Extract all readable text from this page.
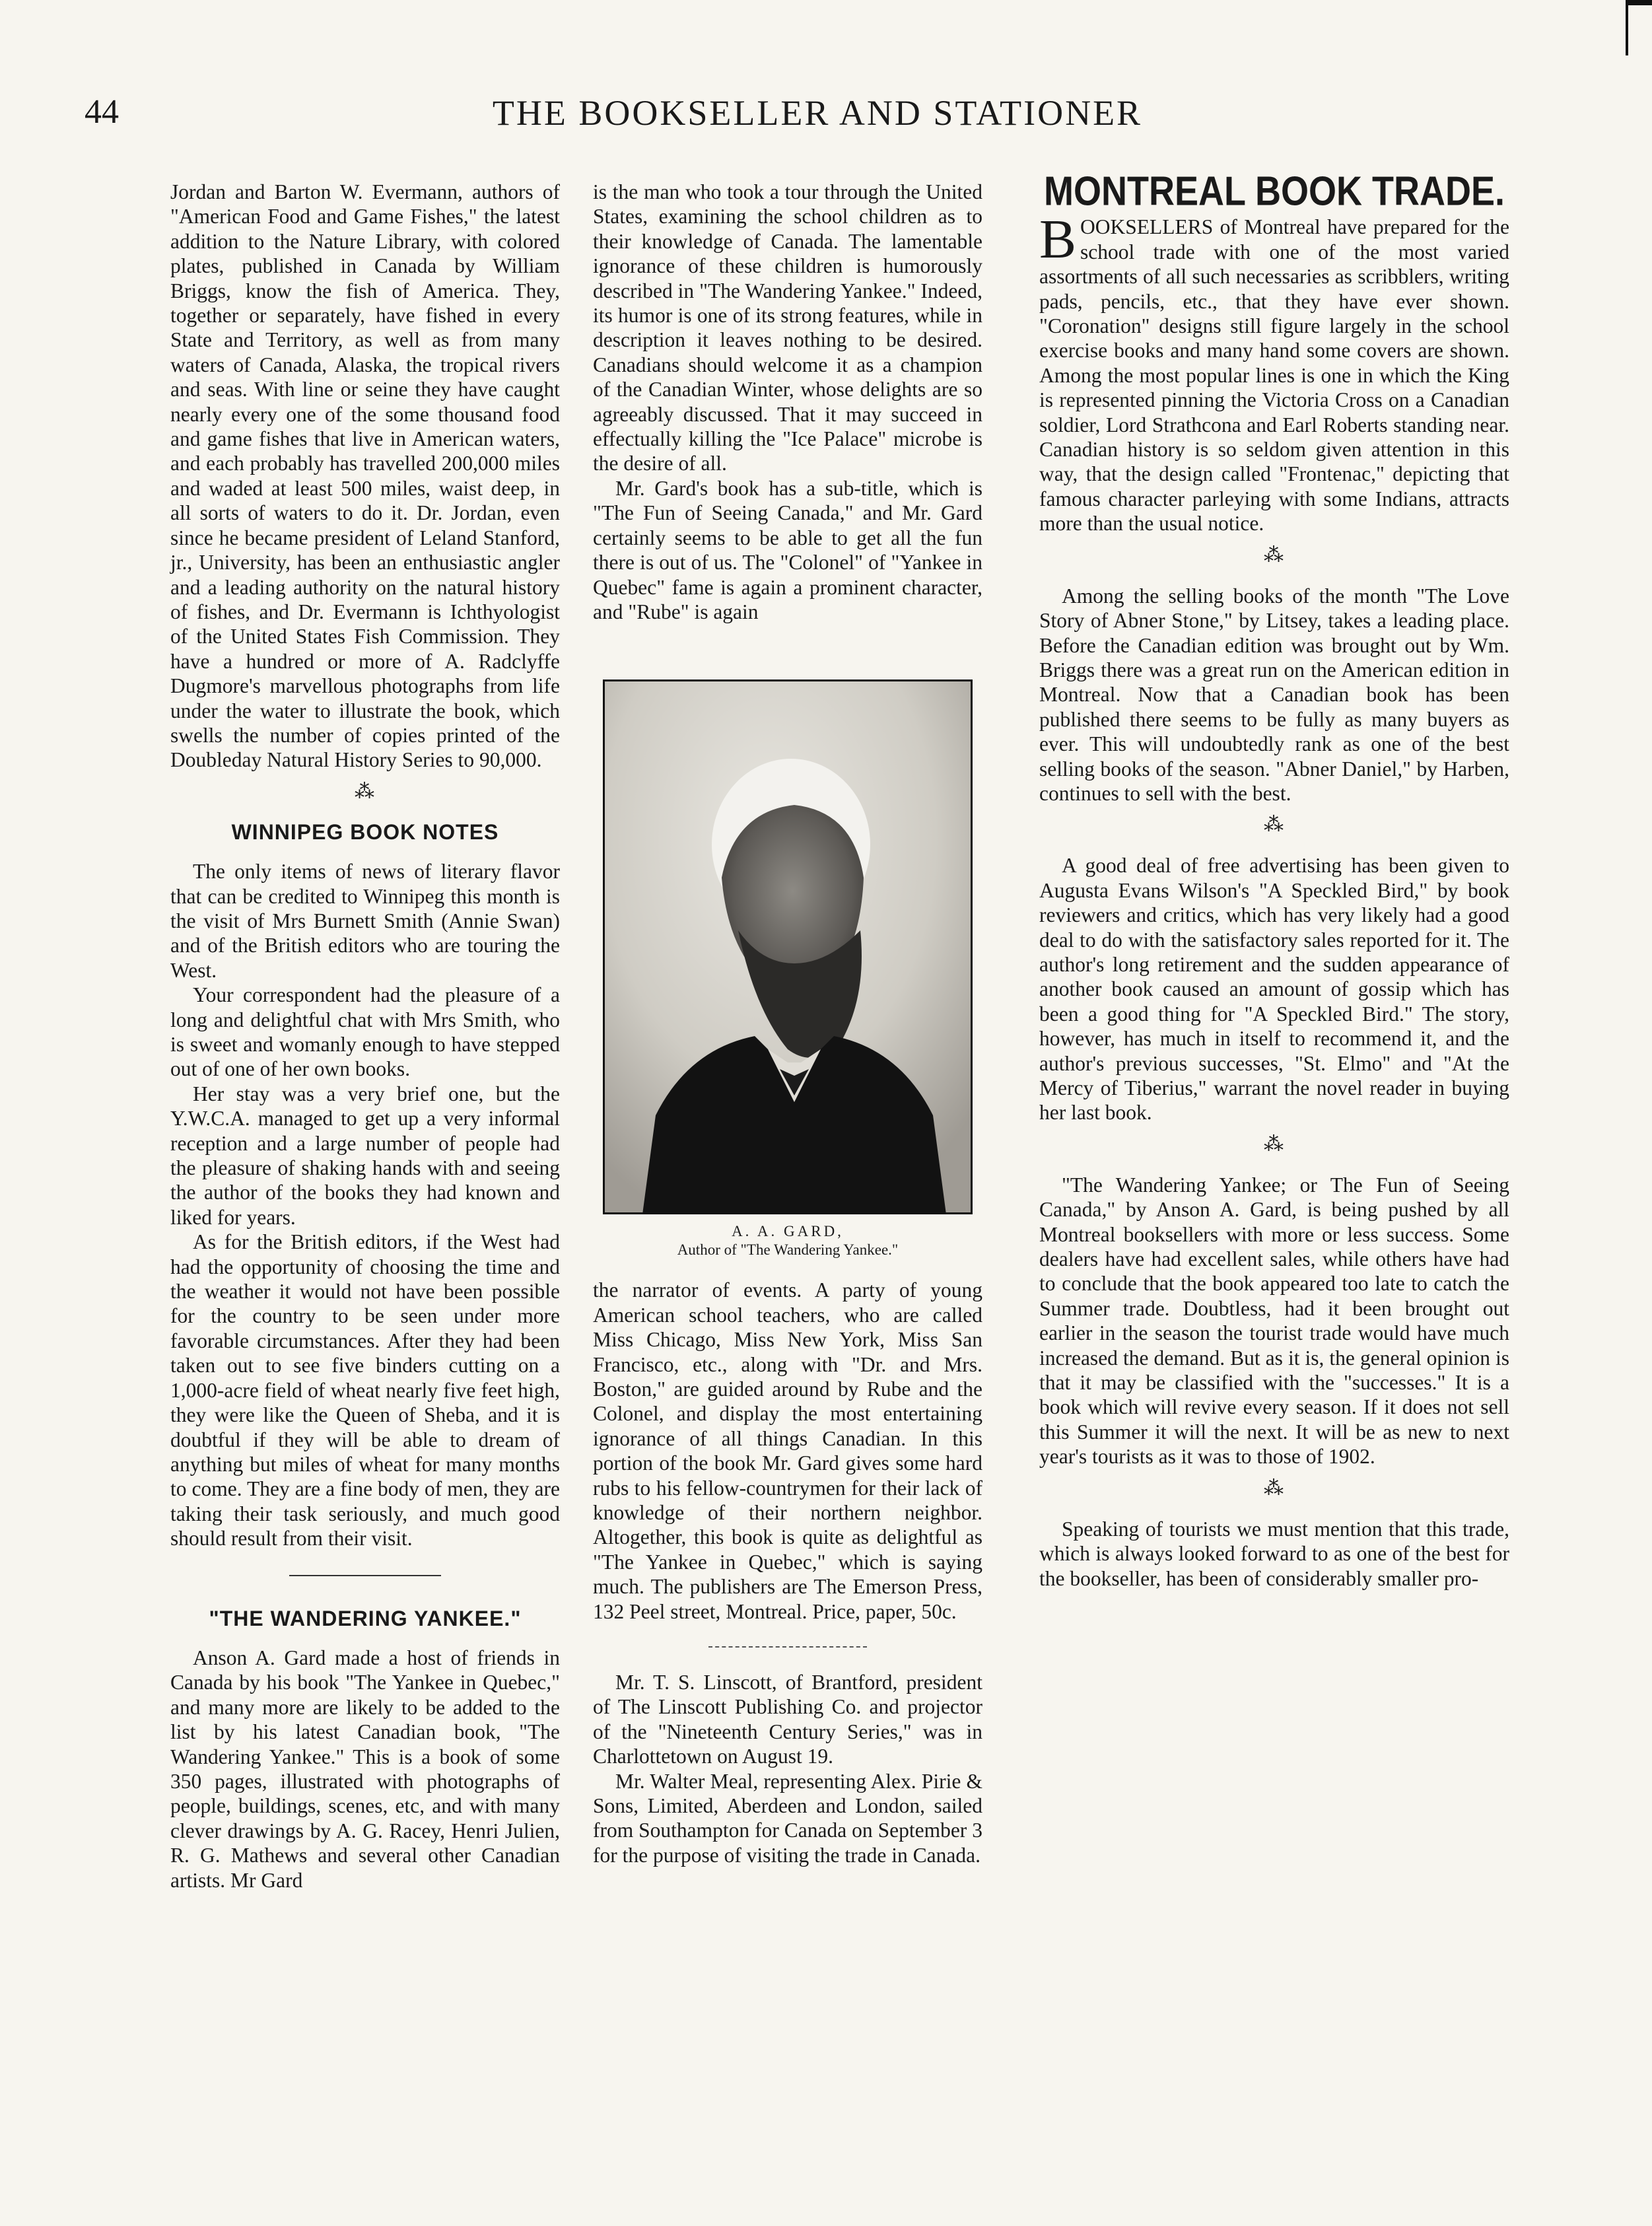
44	THE BOOKSELLER AND STATIONER

Jordan and Barton W. Evermann, authors of "American Food and Game Fishes," the latest addition to the Nature Library, with colored plates, published in Canada by William Briggs, know the fish of America. They, together or separately, have fished in every State and Territory, as well as from many waters of Canada, Alaska, the tropical rivers and seas. With line or seine they have caught nearly every one of the some thousand food and game fishes that live in American waters, and each probably has travelled 200,000 miles and waded at least 500 miles, waist deep, in all sorts of waters to do it. Dr. Jordan, even since he became president of Leland Stanford, jr., University, has been an enthusiastic angler and a leading authority on the natural history of fishes, and Dr. Evermann is Ichthyologist of the United States Fish Commission. They have a hundred or more of A. Radclyffe Dugmore's marvellous photographs from life under the water to illustrate the book, which swells the number of copies printed of the Doubleday Natural History Series to 90,000.

⁂
WINNIPEG BOOK NOTES

The only items of news of literary flavor that can be credited to Winnipeg this month is the visit of Mrs Burnett Smith (Annie Swan) and of the British editors who are touring the West.

Your correspondent had the pleasure of a long and delightful chat with Mrs Smith, who is sweet and womanly enough to have stepped out of one of her own books.

Her stay was a very brief one, but the Y.W.C.A. managed to get up a very informal reception and a large number of people had the pleasure of shaking hands with and seeing the author of the books they had known and liked for years.

As for the British editors, if the West had had the opportunity of choosing the time and the weather it would not have been possible for the country to be seen under more favorable circumstances. After they had been taken out to see five binders cutting on a 1,000-acre field of wheat nearly five feet high, they were like the Queen of Sheba, and it is doubtful if they will be able to dream of anything but miles of wheat for many months to come. They are a fine body of men, they are taking their task seriously, and much good should result from their visit.

"THE WANDERING YANKEE."

Anson A. Gard made a host of friends in Canada by his book "The Yankee in Quebec," and many more are likely to be added to the list by his latest Canadian book, "The Wandering Yankee." This is a book of some 350 pages, illustrated with photographs of people, buildings, scenes, etc, and with many clever drawings by A. G. Racey, Henri Julien, R. G. Mathews and several other Canadian artists. Mr Gard

is the man who took a tour through the United States, examining the school children as to their knowledge of Canada. The lamentable ignorance of these children is humorously described in "The Wandering Yankee." Indeed, its humor is one of its strong features, while in description it leaves nothing to be desired. Canadians should welcome it as a champion of the Canadian Winter, whose delights are so agreeably discussed. That it may succeed in effectually killing the "Ice Palace" microbe is the desire of all.

Mr. Gard's book has a sub-title, which is "The Fun of Seeing Canada," and Mr. Gard certainly seems to be able to get all the fun there is out of us. The "Colonel" of "Yankee in Quebec" fame is again a prominent character, and "Rube" is again

A. A. GARD,
Author of "The Wandering Yankee."

the narrator of events. A party of young American school teachers, who are called Miss Chicago, Miss New York, Miss San Francisco, etc., along with "Dr. and Mrs. Boston," are guided around by Rube and the Colonel, and display the most entertaining ignorance of all things Canadian. In this portion of the book Mr. Gard gives some hard rubs to his fellow-countrymen for their lack of knowledge of their northern neighbor. Altogether, this book is quite as delightful as "The Yankee in Quebec," which is saying much. The publishers are The Emerson Press, 132 Peel street, Montreal. Price, paper, 50c.

Mr. T. S. Linscott, of Brantford, president of The Linscott Publishing Co. and projector of the "Nineteenth Century Series," was in Charlottetown on August 19.

Mr. Walter Meal, representing Alex. Pirie & Sons, Limited, Aberdeen and London, sailed from Southampton for Canada on September 3 for the purpose of visiting the trade in Canada.

MONTREAL BOOK TRADE.

BOOKSELLERS of Montreal have prepared for the school trade with one of the most varied assortments of all such necessaries as scribblers, writing pads, pencils, etc., that they have ever shown. "Coronation" designs still figure largely in the school exercise books and many hand some covers are shown. Among the most popular lines is one in which the King is represented pinning the Victoria Cross on a Canadian soldier, Lord Strathcona and Earl Roberts standing near. Canadian history is so seldom given attention in this way, that the design called "Frontenac," depicting that famous character parleying with some Indians, attracts more than the usual notice.

⁂

Among the selling books of the month "The Love Story of Abner Stone," by Litsey, takes a leading place. Before the Canadian edition was brought out by Wm. Briggs there was a great run on the American edition in Montreal. Now that a Canadian book has been published there seems to be fully as many buyers as ever. This will undoubtedly rank as one of the best selling books of the season. "Abner Daniel," by Harben, continues to sell with the best.

⁂

A good deal of free advertising has been given to Augusta Evans Wilson's "A Speckled Bird," by book reviewers and critics, which has very likely had a good deal to do with the satisfactory sales reported for it. The author's long retirement and the sudden appearance of another book caused an amount of gossip which has been a good thing for "A Speckled Bird." The story, however, has much in itself to recommend it, and the author's previous successes, "St. Elmo" and "At the Mercy of Tiberius," warrant the novel reader in buying her last book.

⁂

"The Wandering Yankee; or The Fun of Seeing Canada," by Anson A. Gard, is being pushed by all Montreal booksellers with more or less success. Some dealers have had excellent sales, while others have had to conclude that the book appeared too late to catch the Summer trade. Doubtless, had it been brought out earlier in the season the tourist trade would have much increased the demand. But as it is, the general opinion is that it may be classified with the "successes." It is a book which will revive every season. If it does not sell this Summer it will the next. It will be as new to next year's tourists as it was to those of 1902.

⁂

Speaking of tourists we must mention that this trade, which is always looked forward to as one of the best for the bookseller, has been of considerably smaller pro-
